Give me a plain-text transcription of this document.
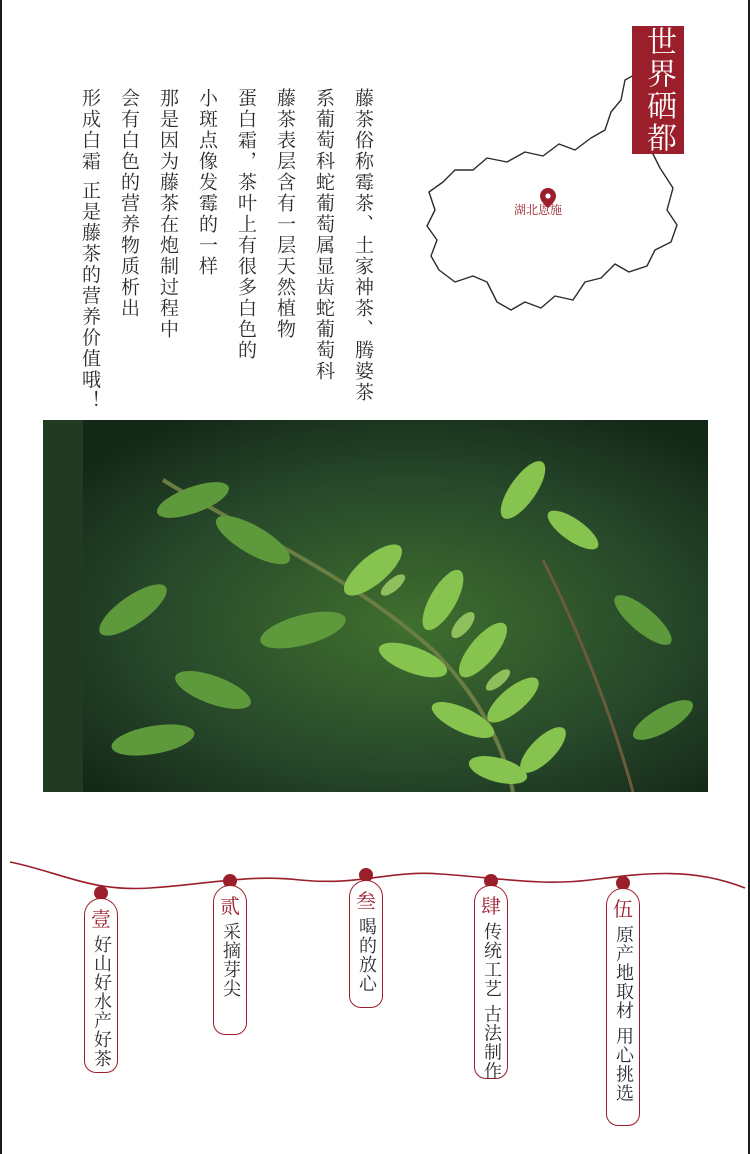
藤茶俗称霉茶、土家神茶、腾婆茶
系葡萄科蛇葡萄属显齿蛇葡萄科
藤茶表层含有一层天然植物
蛋白霜，茶叶上有很多白色的
小斑点像发霉的一样
那是因为藤茶在炮制过程中
会有白色的营养物质析出
形成白霜 正是藤茶的营养价值哦！	湖北恩施
世界硒都
壹
好山好水产好茶
贰
采摘芽尖
叁
喝的放心
肆
传统工艺 古法制作
伍
原产地取材 用心挑选
